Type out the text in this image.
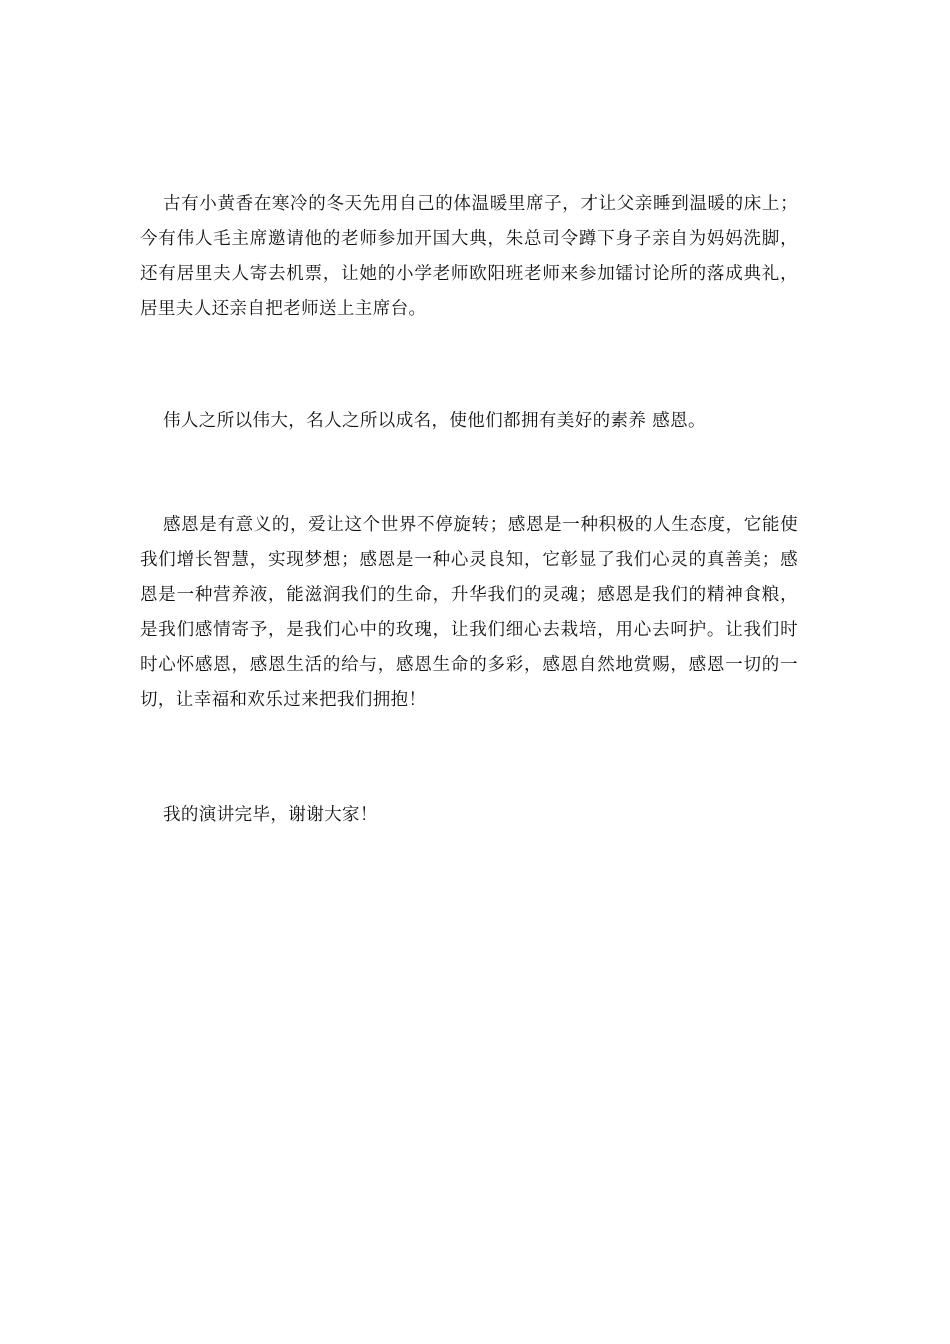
古有小黄香在寒冷的冬天先用自己的体温暖里席子，才让父亲睡到温暖的床上；今有伟人毛主席邀请他的老师参加开国大典，朱总司令蹲下身子亲自为妈妈洗脚，还有居里夫人寄去机票，让她的小学老师欧阳班老师来参加镭讨论所的落成典礼，居里夫人还亲自把老师送上主席台。

伟人之所以伟大，名人之所以成名，使他们都拥有美好的素养 感恩。

感恩是有意义的，爱让这个世界不停旋转；感恩是一种积极的人生态度，它能使我们增长智慧，实现梦想；感恩是一种心灵良知，它彰显了我们心灵的真善美；感恩是一种营养液，能滋润我们的生命，升华我们的灵魂；感恩是我们的精神食粮，是我们感情寄予，是我们心中的玫瑰，让我们细心去栽培，用心去呵护。让我们时时心怀感恩，感恩生活的给与，感恩生命的多彩，感恩自然地赏赐，感恩一切的一切，让幸福和欢乐过来把我们拥抱！

我的演讲完毕，谢谢大家！
